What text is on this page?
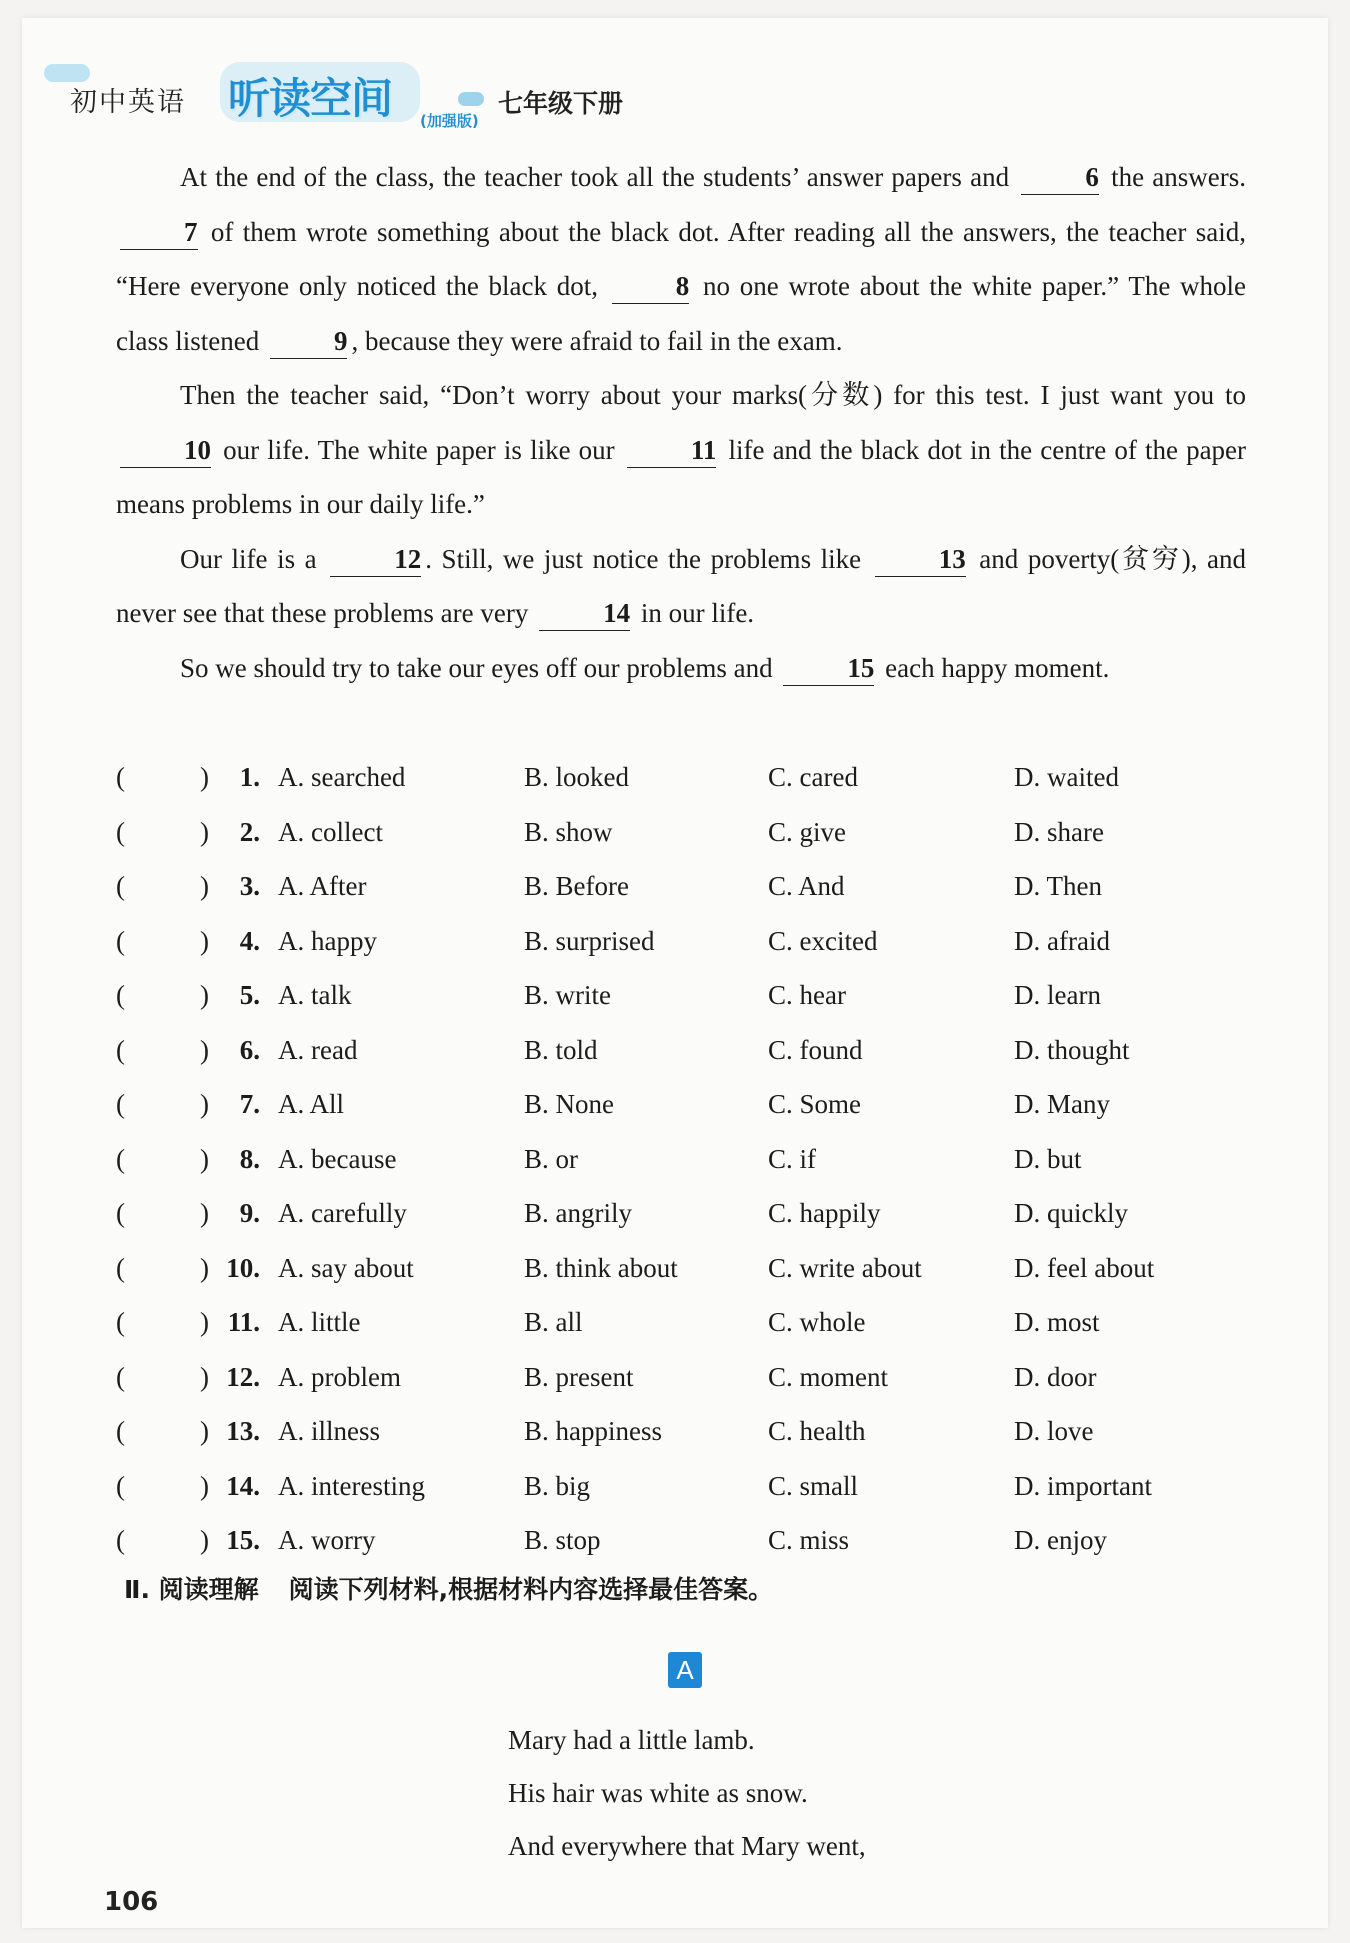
初中英语 听读空间 (加强版)
七年级下册

At the end of the class, the teacher took all the students’ answer papers and	6 the answers. 7 of them wrote something about the black dot. After reading all the answers, the teacher said, “Here everyone only noticed the black dot,	8 no one wrote about the white paper.” The whole class listened	9 , because they were afraid to fail in the exam.

Then the teacher said, “Don’t worry about your marks(分数) for this test. I just want you to 10 our life. The white paper is like our	11 life and the black dot in the centre of the paper means problems in our daily life.”

Our life is a	12 . Still, we just notice the problems like	13 and poverty(贫穷), and never see that these problems are very	14 in our life.

So we should try to take our eyes off our problems and	15 each happy moment.

(	)	1. A. searched	B. looked	C. cared	D. waited
(	)	2. A. collect	B. show	C. give	D. share
(	)	3. A. After	B. Before	C. And	D. Then
(	)	4. A. happy	B. surprised	C. excited	D. afraid
(	)	5. A. talk	B. write	C. hear	D. learn
(	)	6. A. read	B. told	C. found	D. thought
(	)	7. A. All	B. None	C. Some	D. Many
(	)	8. A. because	B. or	C. if	D. but
(	)	9. A. carefully	B. angrily	C. happily	D. quickly
(	) 10. A. say about	B. think about	C. write about	D. feel about
(	) 11. A. little	B. all	C. whole	D. most
(	) 12. A. problem	B. present	C. moment	D. door
(	) 13. A. illness	B. happiness	C. health	D. love
(	) 14. A. interesting	B. big	C. small	D. important
(	) 15. A. worry	B. stop	C. miss	D. enjoy
Ⅱ. 阅读理解 阅读下列材料,根据材料内容选择最佳答案。
A
Mary had a little lamb.
His hair was white as snow.
And everywhere that Mary went,
106
